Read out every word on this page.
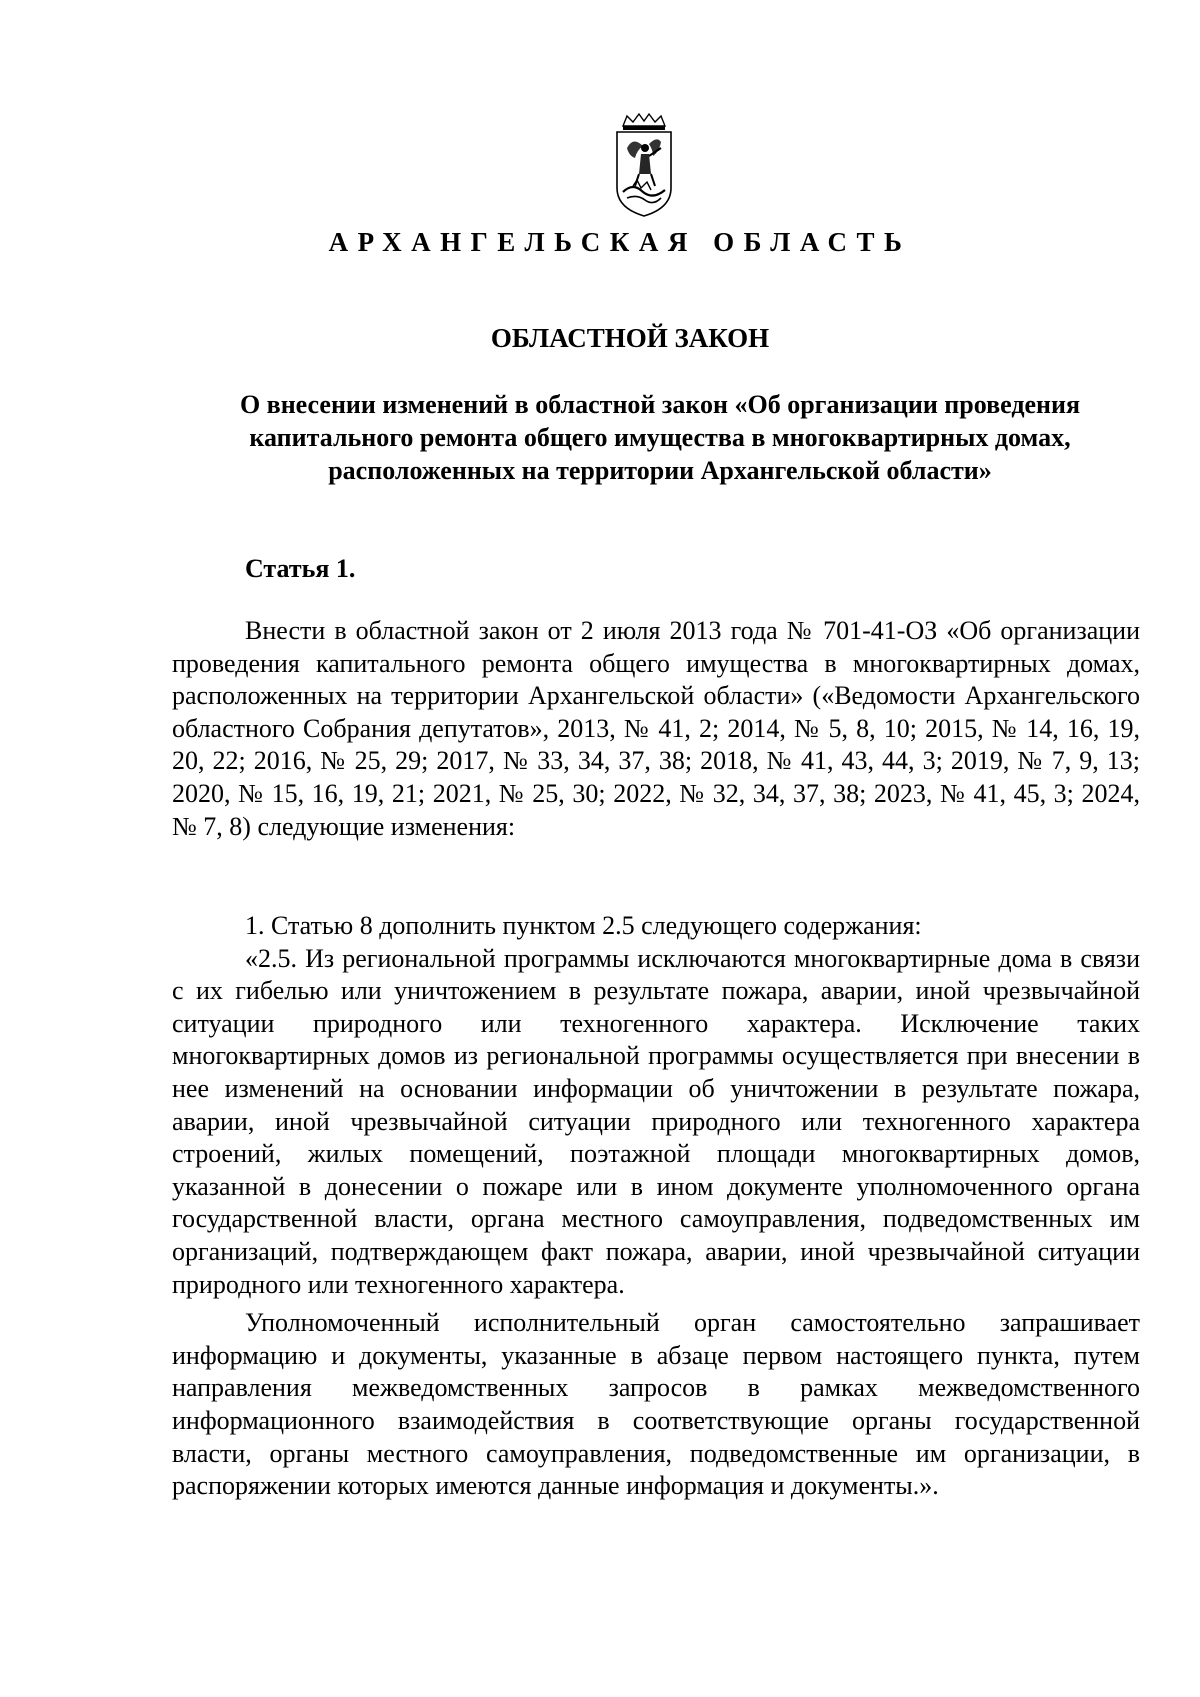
АРХАНГЕЛЬСКАЯ ОБЛАСТЬ
ОБЛАСТНОЙ ЗАКОН
О внесении изменений в областной закон «Об организации проведения капитального ремонта общего имущества в многоквартирных домах, расположенных на территории Архангельской области»
Статья 1.

Внести в областной закон от 2 июля 2013 года № 701-41-ОЗ «Об организации проведения капитального ремонта общего имущества в многоквартирных домах, расположенных на территории Архангельской области» («Ведомости Архангельского областного Собрания депутатов», 2013, № 41, 2; 2014, № 5, 8, 10; 2015, № 14, 16, 19, 20, 22; 2016, № 25, 29; 2017, № 33, 34, 37, 38; 2018, № 41, 43, 44, 3; 2019, № 7, 9, 13; 2020, № 15, 16, 19, 21; 2021, № 25, 30; 2022, № 32, 34, 37, 38; 2023, № 41, 45, 3; 2024, № 7, 8) следующие изменения:

1. Статью 8 дополнить пунктом 2.5 следующего содержания:

«2.5. Из региональной программы исключаются многоквартирные дома в связи с их гибелью или уничтожением в результате пожара, аварии, иной чрезвычайной ситуации природного или техногенного характера. Исключение таких многоквартирных домов из региональной программы осуществляется при внесении в нее изменений на основании информации об уничтожении в результате пожара, аварии, иной чрезвычайной ситуации природного или техногенного характера строений, жилых помещений, поэтажной площади многоквартирных домов, указанной в донесении о пожаре или в ином документе уполномоченного органа государственной власти, органа местного самоуправления, подведомственных им организаций, подтверждающем факт пожара, аварии, иной чрезвычайной ситуации природного или техногенного характера.

Уполномоченный исполнительный орган самостоятельно запрашивает информацию и документы, указанные в абзаце первом настоящего пункта, путем направления межведомственных запросов в рамках межведомственного информационного взаимодействия в соответствующие органы государственной власти, органы местного самоуправления, подведомственные им организации, в распоряжении которых имеются данные информация и документы.».
